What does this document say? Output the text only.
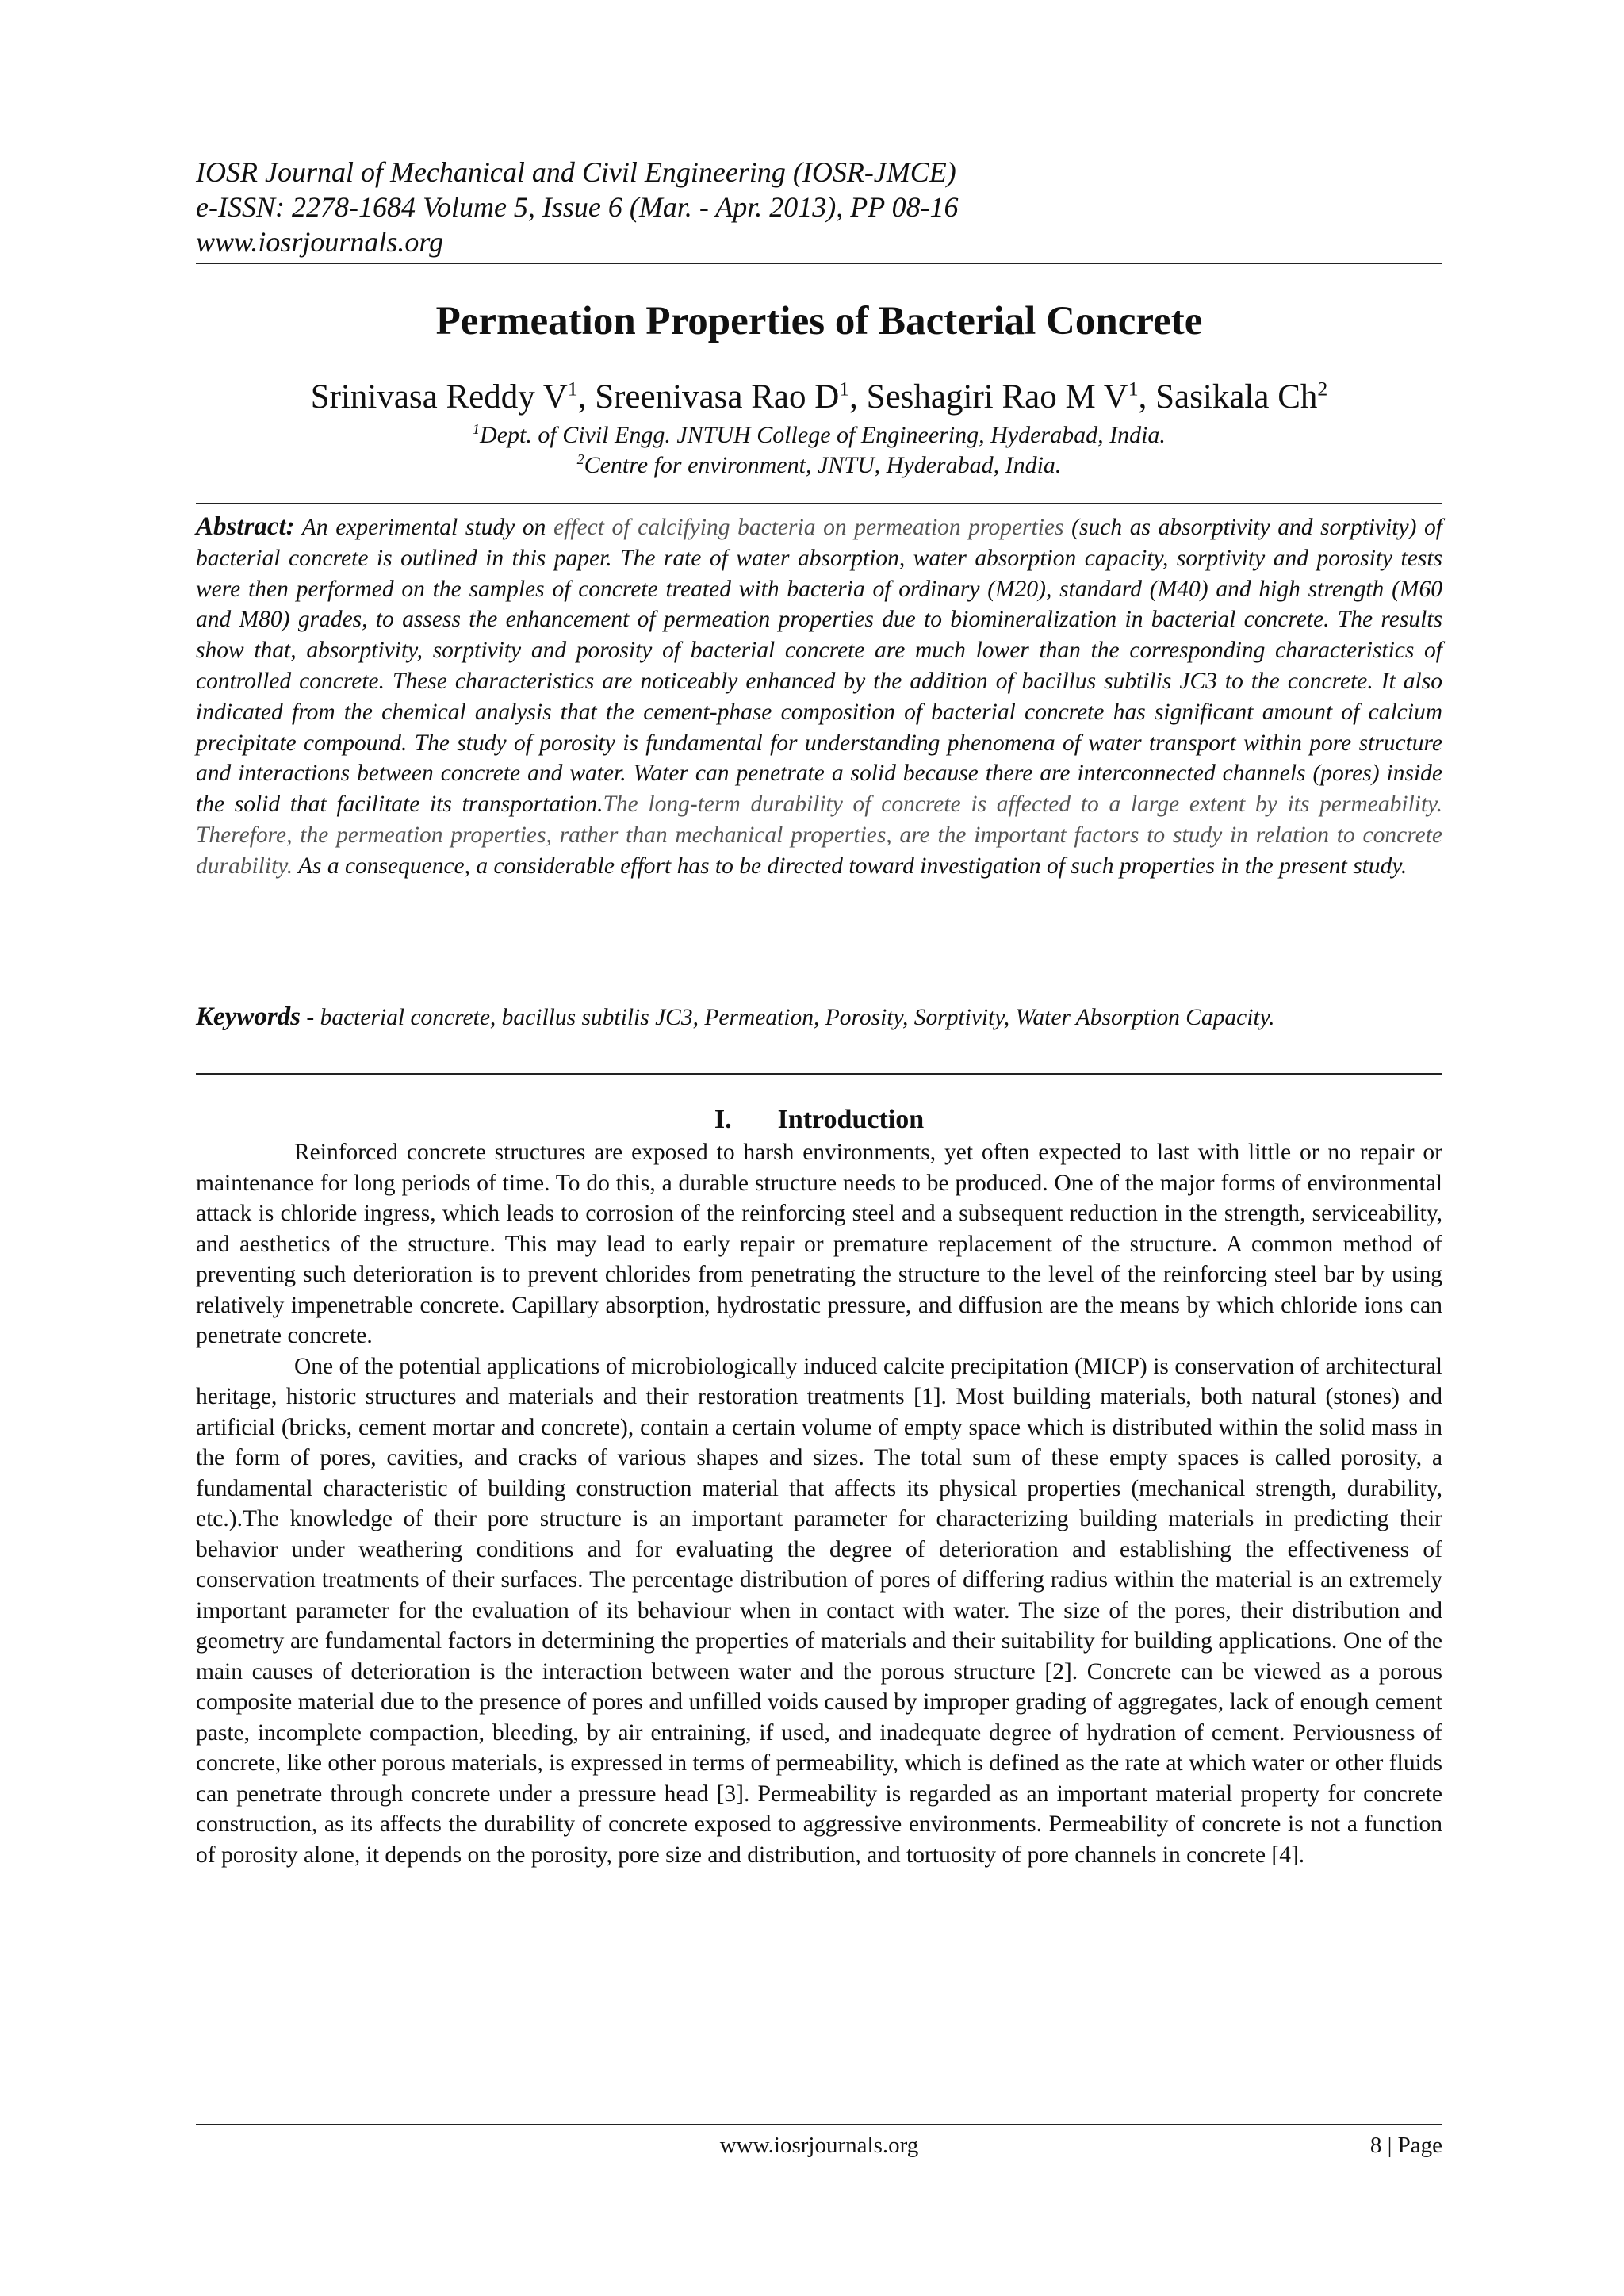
IOSR Journal of Mechanical and Civil Engineering (IOSR-JMCE)
e-ISSN: 2278-1684 Volume 5, Issue 6 (Mar. - Apr. 2013), PP 08-16
www.iosrjournals.org
Permeation Properties of Bacterial Concrete
Srinivasa Reddy $V^1$, Sreenivasa Rao $D^1$, Seshagiri Rao M $V^1$, Sasikala Ch$^2$
$^1$Dept. of Civil Engg. JNTUH College of Engineering, Hyderabad, India.
$^2$Centre for environment, JNTU, Hyderabad, India.
Abstract: An experimental study on effect of calcifying bacteria on permeation properties (such as absorptivity and sorptivity) of bacterial concrete is outlined in this paper. The rate of water absorption, water absorption capacity, sorptivity and porosity tests were then performed on the samples of concrete treated with bacteria of ordinary (M20), standard (M40) and high strength (M60 and M80) grades, to assess the enhancement of permeation properties due to biomineralization in bacterial concrete. The results show that, absorptivity, sorptivity and porosity of bacterial concrete are much lower than the corresponding characteristics of controlled concrete. These characteristics are noticeably enhanced by the addition of bacillus subtilis JC3 to the concrete. It also indicated from the chemical analysis that the cement-phase composition of bacterial concrete has significant amount of calcium precipitate compound. The study of porosity is fundamental for understanding phenomena of water transport within pore structure and interactions between concrete and water. Water can penetrate a solid because there are interconnected channels (pores) inside the solid that facilitate its transportation.The long-term durability of concrete is affected to a large extent by its permeability. Therefore, the permeation properties, rather than mechanical properties, are the important factors to study in relation to concrete durability. As a consequence, a considerable effort has to be directed toward investigation of such properties in the present study.
Keywords - bacterial concrete, bacillus subtilis JC3, Permeation, Porosity, Sorptivity, Water Absorption Capacity.
I. Introduction

Reinforced concrete structures are exposed to harsh environments, yet often expected to last with little or no repair or maintenance for long periods of time. To do this, a durable structure needs to be produced. One of the major forms of environmental attack is chloride ingress, which leads to corrosion of the reinforcing steel and a subsequent reduction in the strength, serviceability, and aesthetics of the structure. This may lead to early repair or premature replacement of the structure. A common method of preventing such deterioration is to prevent chlorides from penetrating the structure to the level of the reinforcing steel bar by using relatively impenetrable concrete. Capillary absorption, hydrostatic pressure, and diffusion are the means by which chloride ions can penetrate concrete.

One of the potential applications of microbiologically induced calcite precipitation (MICP) is conservation of architectural heritage, historic structures and materials and their restoration treatments [1]. Most building materials, both natural (stones) and artificial (bricks, cement mortar and concrete), contain a certain volume of empty space which is distributed within the solid mass in the form of pores, cavities, and cracks of various shapes and sizes. The total sum of these empty spaces is called porosity, a fundamental characteristic of building construction material that affects its physical properties (mechanical strength, durability, etc.).The knowledge of their pore structure is an important parameter for characterizing building materials in predicting their behavior under weathering conditions and for evaluating the degree of deterioration and establishing the effectiveness of conservation treatments of their surfaces. The percentage distribution of pores of differing radius within the material is an extremely important parameter for the evaluation of its behaviour when in contact with water. The size of the pores, their distribution and geometry are fundamental factors in determining the properties of materials and their suitability for building applications. One of the main causes of deterioration is the interaction between water and the porous structure [2]. Concrete can be viewed as a porous composite material due to the presence of pores and unfilled voids caused by improper grading of aggregates, lack of enough cement paste, incomplete compaction, bleeding, by air entraining, if used, and inadequate degree of hydration of cement. Perviousness of concrete, like other porous materials, is expressed in terms of permeability, which is defined as the rate at which water or other fluids can penetrate through concrete under a pressure head [3]. Permeability is regarded as an important material property for concrete construction, as its affects the durability of concrete exposed to aggressive environments. Permeability of concrete is not a function of porosity alone, it depends on the porosity, pore size and distribution, and tortuosity of pore channels in concrete [4].

www.iosrjournals.org	8 | Page
